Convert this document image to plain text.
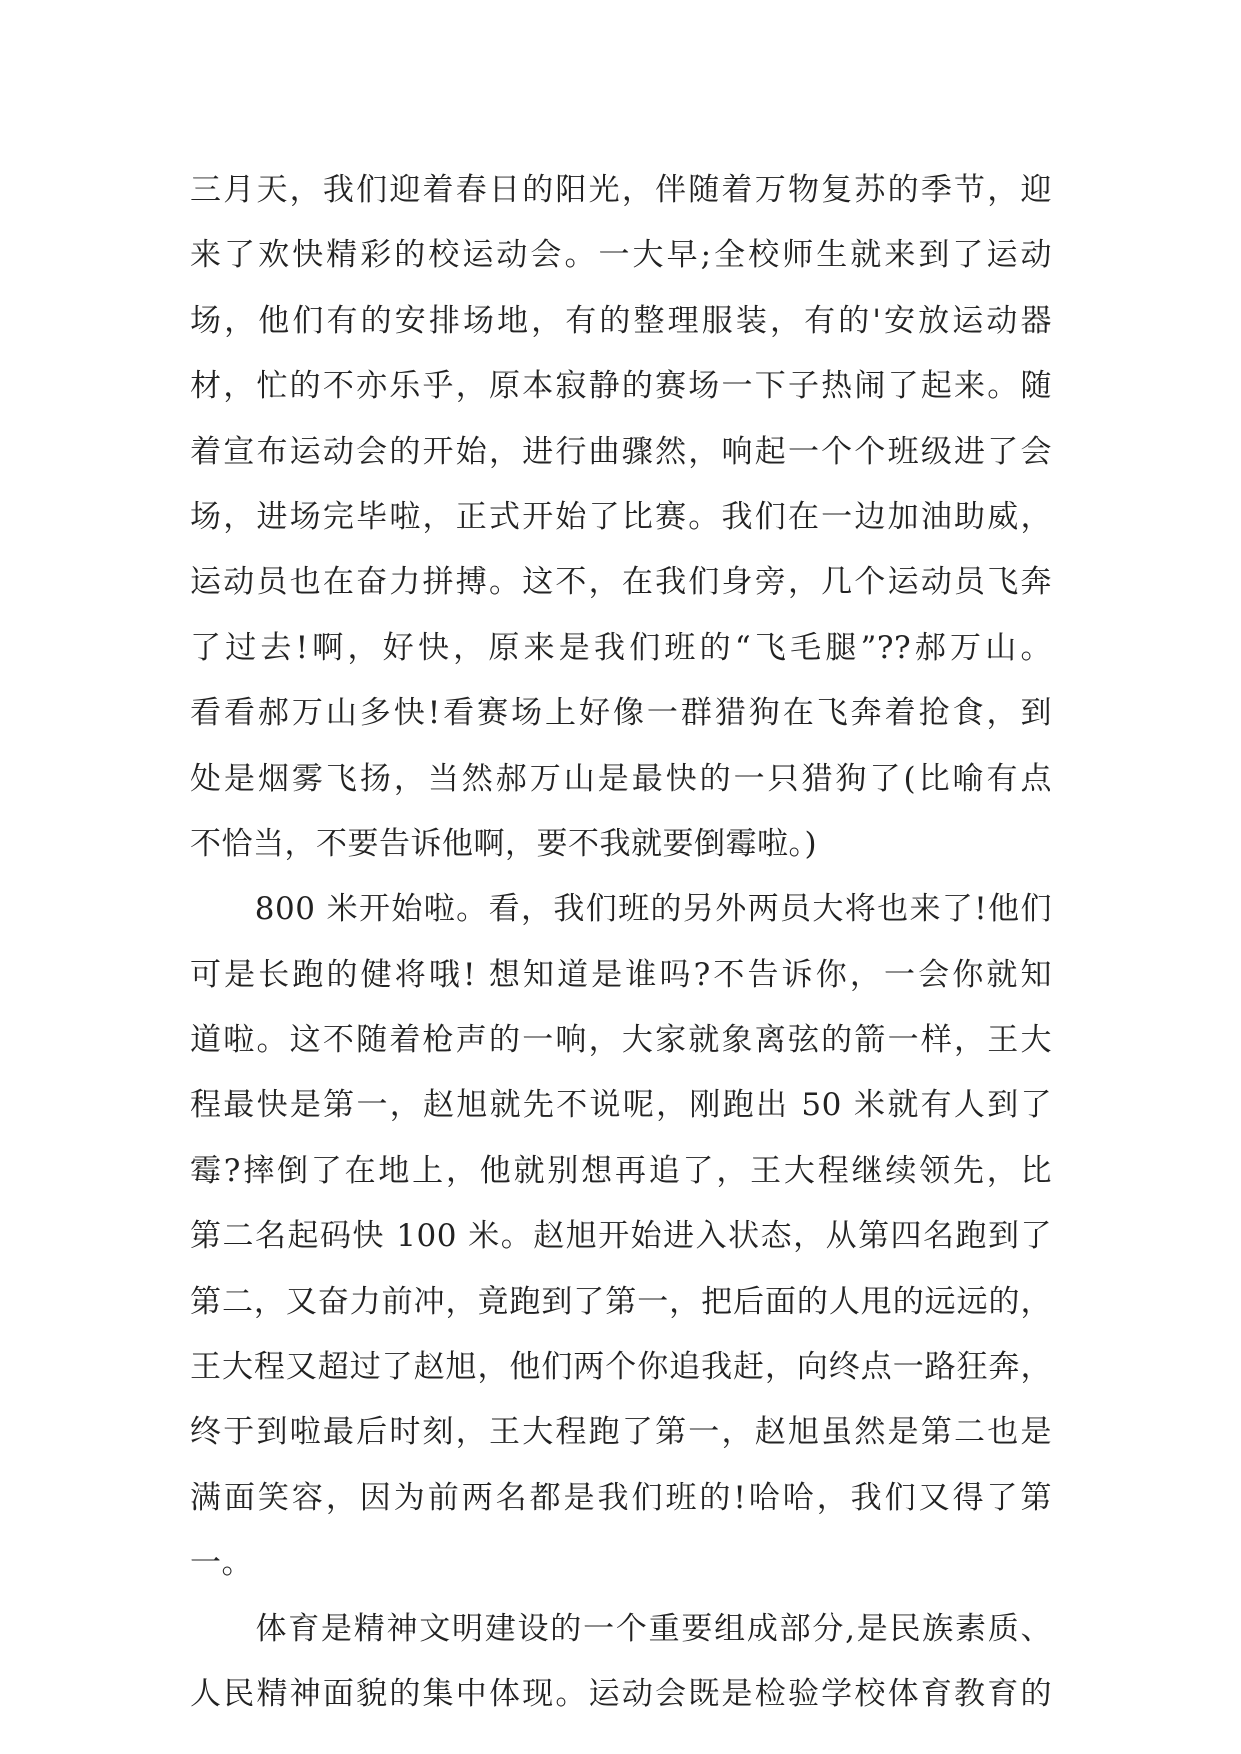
三月天，我们迎着春日的阳光，伴随着万物复苏的季节，迎
来了欢快精彩的校运动会。一大早;全校师生就来到了运动
场，他们有的安排场地，有的整理服装，有的'安放运动器
材，忙的不亦乐乎，原本寂静的赛场一下子热闹了起来。随
着宣布运动会的开始，进行曲骤然，响起一个个班级进了会
场，进场完毕啦，正式开始了比赛。我们在一边加油助威，
运动员也在奋力拼搏。这不，在我们身旁，几个运动员飞奔
了过去!啊，好快，原来是我们班的“飞毛腿”??郝万山。
看看郝万山多快!看赛场上好像一群猎狗在飞奔着抢食，到
处是烟雾飞扬，当然郝万山是最快的一只猎狗了(比喻有点
不恰当，不要告诉他啊，要不我就要倒霉啦。)
　　800 米开始啦。看，我们班的另外两员大将也来了!他们
可是长跑的健将哦! 想知道是谁吗?不告诉你，一会你就知
道啦。这不随着枪声的一响，大家就象离弦的箭一样，王大
程最快是第一，赵旭就先不说呢，刚跑出 50 米就有人到了
霉?摔倒了在地上，他就别想再追了，王大程继续领先，比
第二名起码快 100 米。赵旭开始进入状态，从第四名跑到了
第二，又奋力前冲，竟跑到了第一，把后面的人甩的远远的，
王大程又超过了赵旭，他们两个你追我赶，向终点一路狂奔，
终于到啦最后时刻，王大程跑了第一，赵旭虽然是第二也是
满面笑容，因为前两名都是我们班的!哈哈，我们又得了第
一。
　　体育是精神文明建设的一个重要组成部分,是民族素质、
人民精神面貌的集中体现。运动会既是检验学校体育教育的
